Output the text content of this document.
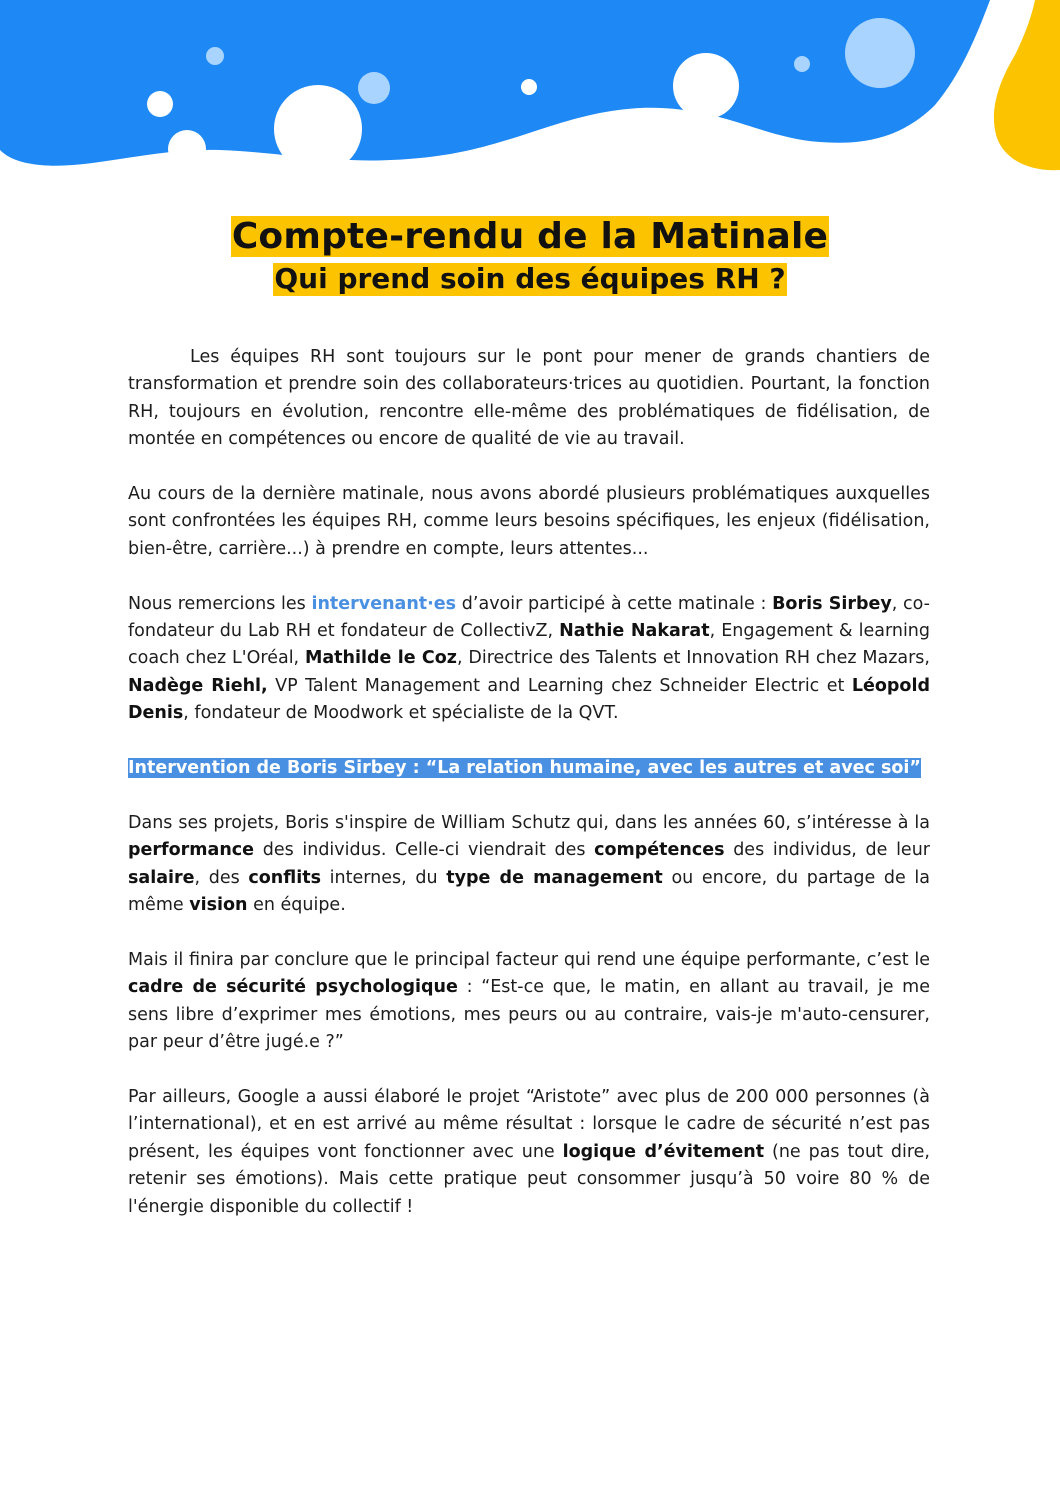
Compte-rendu de la Matinale
Qui prend soin des équipes RH ?

Les équipes RH sont toujours sur le pont pour mener de grands chantiers de transformation et prendre soin des collaborateurs·trices au quotidien. Pourtant, la fonction RH, toujours en évolution, rencontre elle-même des problématiques de fidélisation, de montée en compétences ou encore de qualité de vie au travail.

Au cours de la dernière matinale, nous avons abordé plusieurs problématiques auxquelles sont confrontées les équipes RH, comme leurs besoins spécifiques, les enjeux (fidélisation, bien-être, carrière...) à prendre en compte, leurs attentes...

Nous remercions les intervenant·es d’avoir participé à cette matinale : Boris Sirbey, co-fondateur du Lab RH et fondateur de CollectivZ, Nathie Nakarat, Engagement & learning coach chez L'Oréal, Mathilde le Coz, Directrice des Talents et Innovation RH chez Mazars, Nadège Riehl, VP Talent Management and Learning chez Schneider Electric et Léopold Denis, fondateur de Moodwork et spécialiste de la QVT.

Intervention de Boris Sirbey : “La relation humaine, avec les autres et avec soi”

Dans ses projets, Boris s'inspire de William Schutz qui, dans les années 60, s’intéresse à la performance des individus. Celle-ci viendrait des compétences des individus, de leur salaire, des conflits internes, du type de management ou encore, du partage de la même vision en équipe.

Mais il finira par conclure que le principal facteur qui rend une équipe performante, c’est le cadre de sécurité psychologique : “Est-ce que, le matin, en allant au travail, je me sens libre d’exprimer mes émotions, mes peurs ou au contraire, vais-je m'auto-censurer, par peur d’être jugé.e ?”

Par ailleurs, Google a aussi élaboré le projet “Aristote” avec plus de 200 000 personnes (à l’international), et en est arrivé au même résultat : lorsque le cadre de sécurité n’est pas présent, les équipes vont fonctionner avec une logique d’évitement (ne pas tout dire, retenir ses émotions). Mais cette pratique peut consommer jusqu’à 50 voire 80 % de l'énergie disponible du collectif !
